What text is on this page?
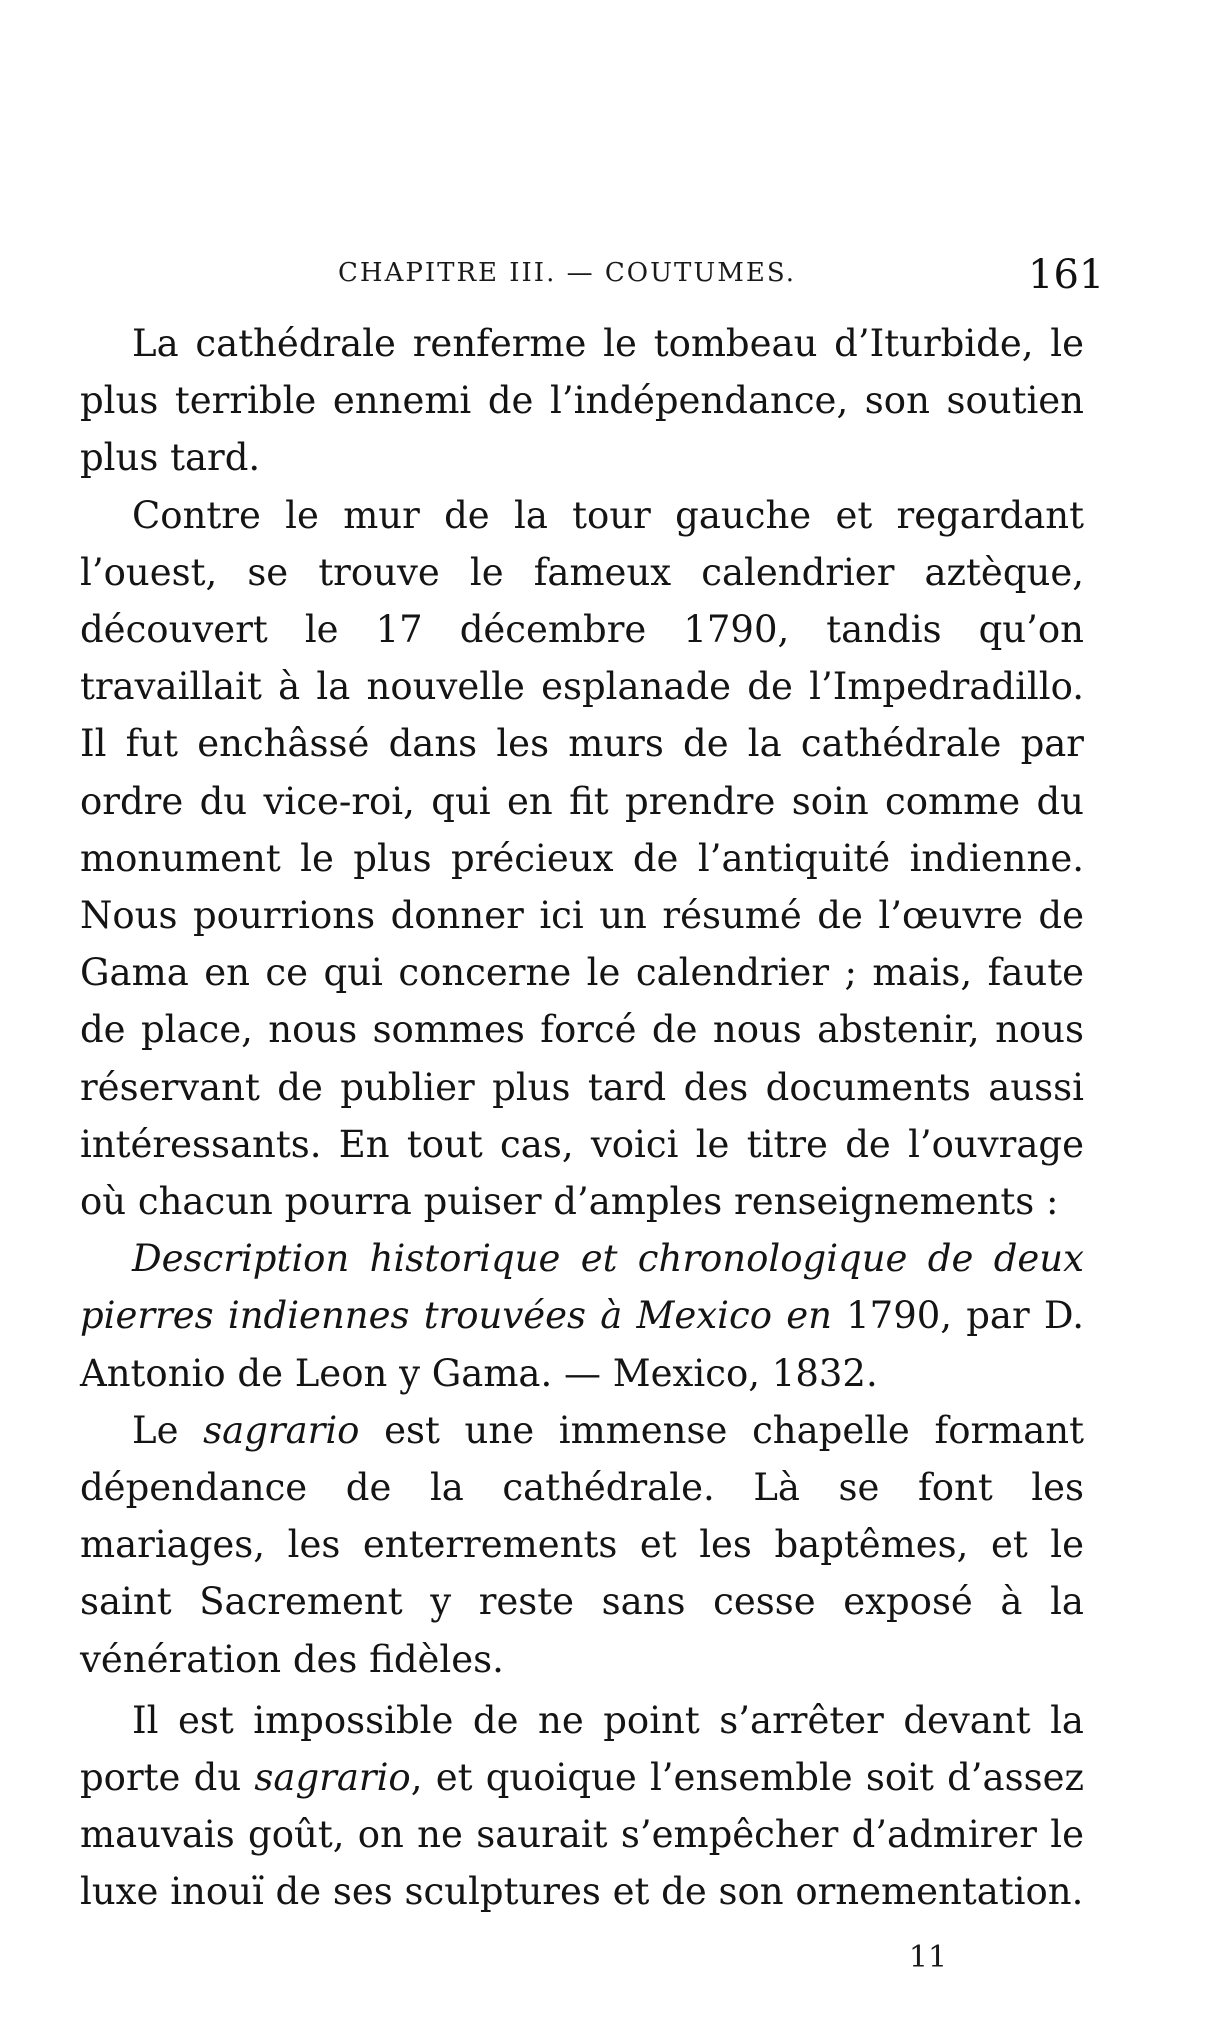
CHAPITRE III. — COUTUMES.	161

La cathédrale renferme le tombeau d’Iturbide, le plus terrible ennemi de l’indépendance, son soutien plus tard.

Contre le mur de la tour gauche et regardant l’ouest, se trouve le fameux calendrier aztèque, découvert le 17 décembre 1790, tandis qu’on travaillait à la nouvelle esplanade de l’Impedradillo. Il fut enchâssé dans les murs de la cathédrale par ordre du vice-roi, qui en fit prendre soin comme du monument le plus précieux de l’antiquité indienne. Nous pourrions donner ici un résumé de l’œuvre de Gama en ce qui concerne le calendrier ; mais, faute de place, nous sommes forcé de nous abstenir, nous réservant de publier plus tard des documents aussi intéressants. En tout cas, voici le titre de l’ouvrage où chacun pourra puiser d’amples renseignements :

Description historique et chronologique de deux pierres indiennes trouvées à Mexico en 1790, par D. Antonio de Leon y Gama. — Mexico, 1832.

Le sagrario est une immense chapelle formant dépendance de la cathédrale. Là se font les mariages, les enterrements et les baptêmes, et le saint Sacrement y reste sans cesse exposé à la vénération des fidèles.

Il est impossible de ne point s’arrêter devant la porte du sagrario, et quoique l’ensemble soit d’assez mauvais goût, on ne saurait s’empêcher d’admirer le luxe inouï de ses sculptures et de son ornementation.

11
